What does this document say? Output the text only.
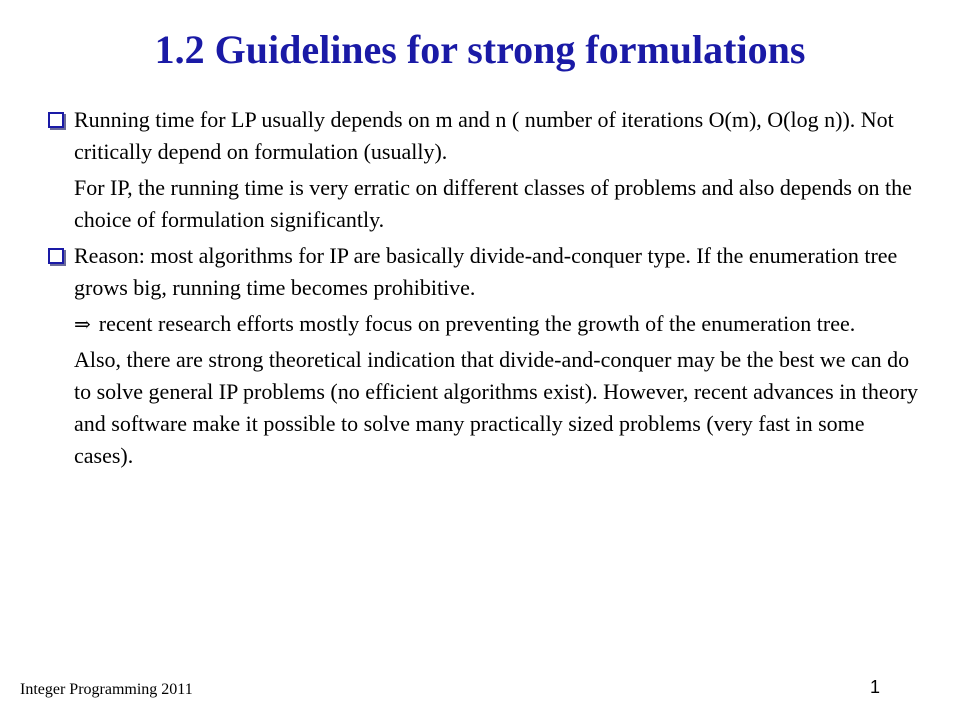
1.2 Guidelines for strong formulations
Running time for LP usually depends on m and n ( number of iterations O(m), O(log n)). Not critically depend on formulation (usually).
For IP, the running time is very erratic on different classes of problems and also depends on the choice of formulation significantly.
Reason: most algorithms for IP are basically divide-and-conquer type. If the enumeration tree grows big, running time becomes prohibitive.
⇒ recent research efforts mostly focus on preventing the growth of the enumeration tree.
Also, there are strong theoretical indication that divide-and-conquer may be the best we can do to solve general IP problems (no efficient algorithms exist). However, recent advances in theory and software make it possible to solve many practically sized problems (very fast in some cases).
Integer Programming 2011	1
